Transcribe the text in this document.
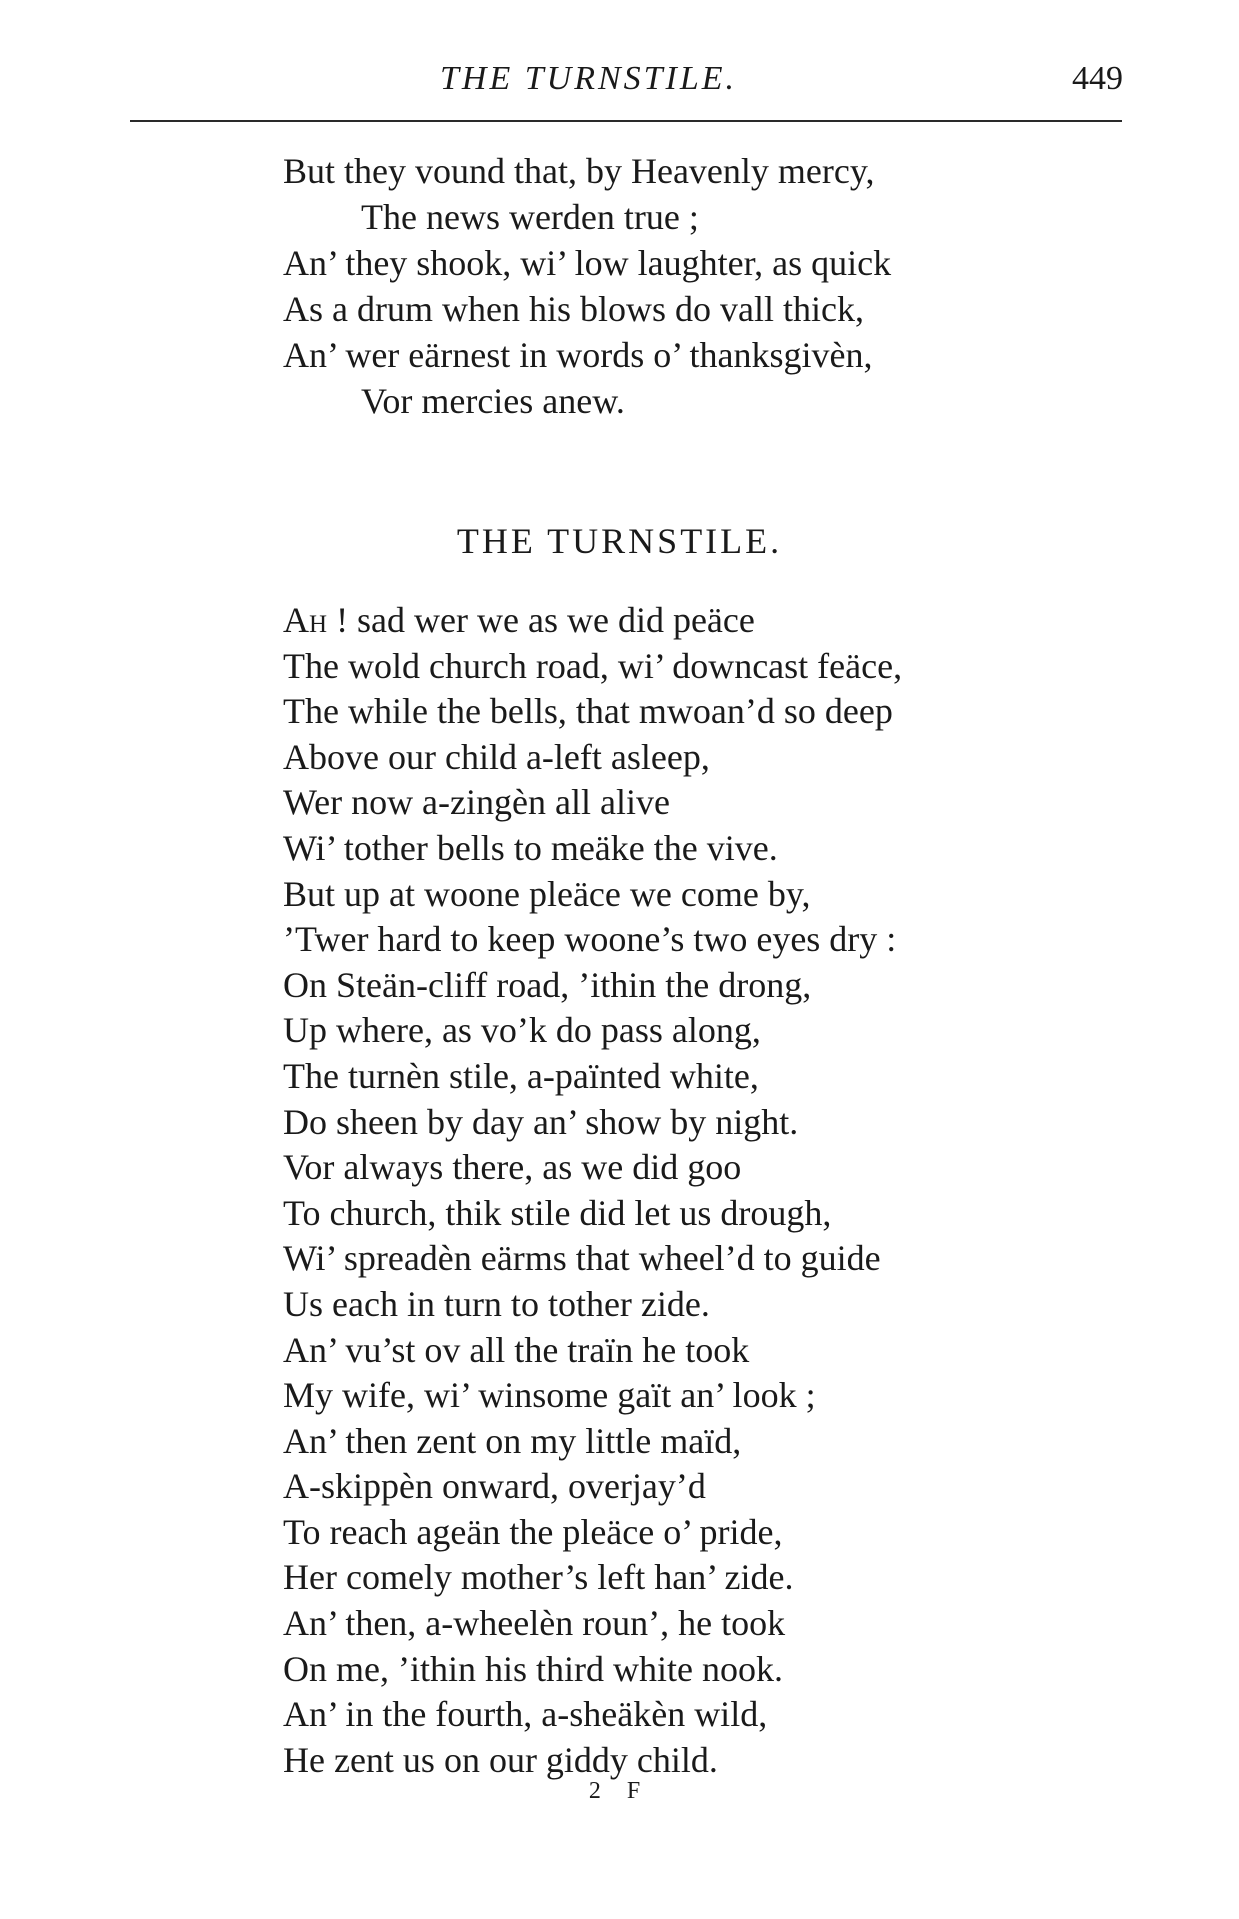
THE TURNSTILE.	449
But they vound that, by Heavenly mercy,
The news werden true ;
An’ they shook, wi’ low laughter, as quick
As a drum when his blows do vall thick,
An’ wer eärnest in words o’ thanksgivèn,
Vor mercies anew.
THE TURNSTILE.
Ah ! sad wer we as we did peäce
The wold church road, wi’ downcast feäce,
The while the bells, that mwoan’d so deep
Above our child a-left asleep,
Wer now a-zingèn all alive
Wi’ tother bells to meäke the vive.
But up at woone pleäce we come by,
’Twer hard to keep woone’s two eyes dry :
On Steän-cliff road, ’ithin the drong,
Up where, as vo’k do pass along,
The turnèn stile, a-païnted white,
Do sheen by day an’ show by night.
Vor always there, as we did goo
To church, thik stile did let us drough,
Wi’ spreadèn eärms that wheel’d to guide
Us each in turn to tother zide.
An’ vu’st ov all the traïn he took
My wife, wi’ winsome gaït an’ look ;
An’ then zent on my little maïd,
A-skippèn onward, overjay’d
To reach ageän the pleäce o’ pride,
Her comely mother’s left han’ zide.
An’ then, a-wheelèn roun’, he took
On me, ’ithin his third white nook.
An’ in the fourth, a-sheäkèn wild,
He zent us on our giddy child.
2 F
